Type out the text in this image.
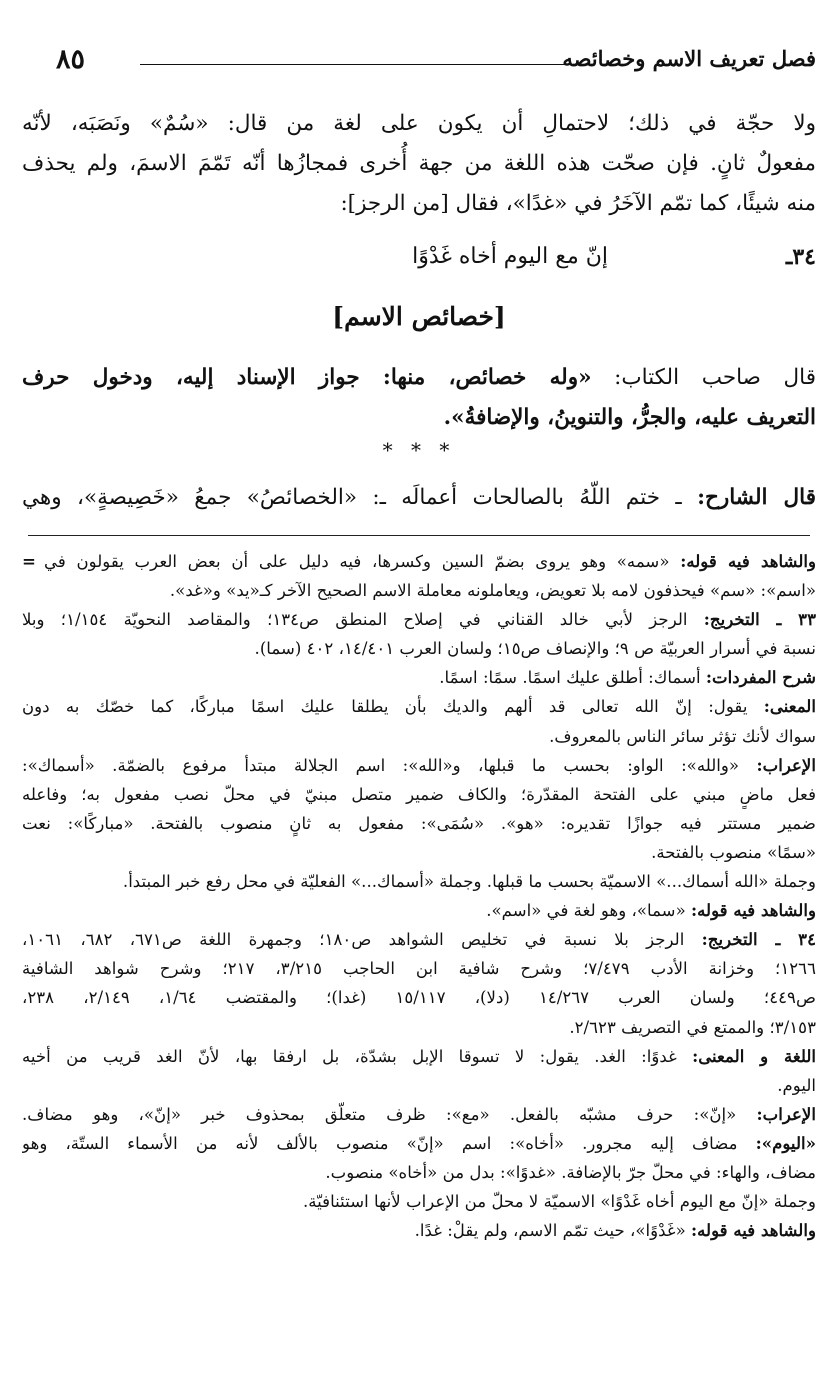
٨٥	فصل تعريف الاسم وخصائصه

ولا حجّة في ذلك؛ لاحتمالِ أن يكون على لغة من قال: «سُمٌ» ونَصَبَه، لأنّه

مفعولٌ ثانٍ. فإن صحّت هذه اللغة من جهة أُخرى فمجازُها أنّه تَمّمَ الاسمَ، ولم يحذف

منه شيئًا، كما تمّم الآخَرُ في «غدًا»، فقال [من الرجز]:

٣٤ـ
إنّ مع اليوم أخاه غَدْوًا
[خصائص الاسم]

قال صاحب الكتاب: «وله خصائص، منها: جواز الإسناد إليه، ودخول حرف

التعريف عليه، والجرُّ، والتنوينُ، والإضافةُ».

* * *

قال الشارح: ـ ختم اللّهُ بالصالحات أعمالَه ـ: «الخصائصُ» جمعُ «خَصِيصةٍ»، وهي

=	والشاهد فيه قوله: «سمه» وهو يروى بضمّ السين وكسرها، فيه دليل على أن بعض العرب يقولون في
«اسم»: «سم» فيحذفون لامه بلا تعويض، ويعاملونه معاملة الاسم الصحيح الآخر كـ«يد» و«غد».
٣٣ ـ التخريج: الرجز لأبي خالد القناني في إصلاح المنطق ص١٣٤؛ والمقاصد النحويّة ١/١٥٤؛ وبلا
نسبة في أسرار العربيّة ص ٩؛ والإنصاف ص١٥؛ ولسان العرب ١٤/٤٠١، ٤٠٢ (سما).
شرح المفردات: أسماك: أطلق عليك اسمًا. سمًا: اسمًا.
المعنى: يقول: إنّ الله تعالى قد ألهم والديك بأن يطلقا عليك اسمًا مباركًا، كما خصّك به دون
سواك لأنك تؤثر سائر الناس بالمعروف.
الإعراب: «والله»: الواو: بحسب ما قبلها، و«الله»: اسم الجلالة مبتدأ مرفوع بالضمّة. «أسماك»:
فعل ماضٍ مبني على الفتحة المقدّرة؛ والكاف ضمير متصل مبنيّ في محلّ نصب مفعول به؛ وفاعله
ضمير مستتر فيه جوازًا تقديره: «هو». «سُمَى»: مفعول به ثانٍ منصوب بالفتحة. «مباركًا»: نعت
«سمًا» منصوب بالفتحة.
وجملة «الله أسماك...» الاسميّة بحسب ما قبلها. وجملة «أسماك...» الفعليّة في محل رفع خبر المبتدأ.
والشاهد فيه قوله: «سما»، وهو لغة في «اسم».
٣٤ ـ التخريج: الرجز بلا نسبة في تخليص الشواهد ص١٨٠؛ وجمهرة اللغة ص٦٧١، ٦٨٢، ١٠٦١،
١٢٦٦؛ وخزانة الأدب ٧/٤٧٩؛ وشرح شافية ابن الحاجب ٣/٢١٥، ٢١٧؛ وشرح شواهد الشافية
ص٤٤٩؛ ولسان العرب ١٤/٢٦٧ (دلا)، ١٥/١١٧ (غدا)؛ والمقتضب ١/٦٤، ٢/١٤٩، ٢٣٨،
٣/١٥٣؛ والممتع في التصريف ٢/٦٢٣.
اللغة و المعنى: غدوًا: الغد. يقول: لا تسوقا الإبل بشدّة، بل ارفقا بها، لأنّ الغد قريب من أخيه
اليوم.
الإعراب: «إنّ»: حرف مشبّه بالفعل. «مع»: ظرف متعلّق بمحذوف خبر «إنّ»، وهو مضاف.
«اليوم»: مضاف إليه مجرور. «أخاه»: اسم «إنّ» منصوب بالألف لأنه من الأسماء الستّة، وهو
مضاف، والهاء: في محلّ جرّ بالإضافة. «غدوًا»: بدل من «أخاه» منصوب.
وجملة «إنّ مع اليوم أخاه غَدْوًا» الاسميّة لا محلّ من الإعراب لأنها استئنافيّة.
والشاهد فيه قوله: «غَدْوًا»، حيث تمّم الاسم، ولم يقلْ: غدًا.
